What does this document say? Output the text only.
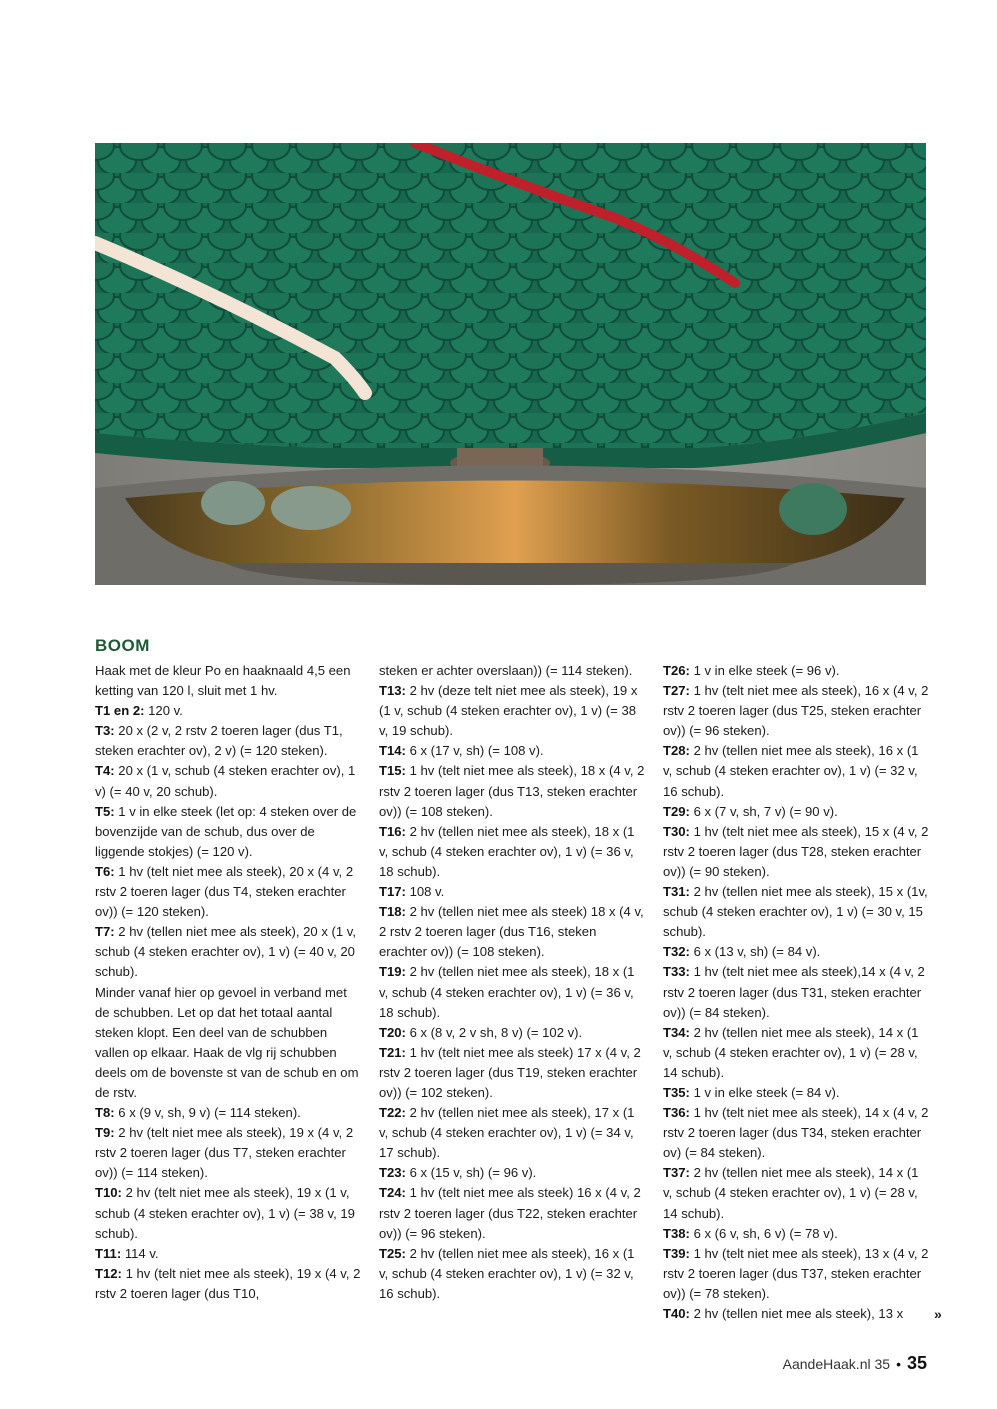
BOOM

Haak met de kleur Po en haaknaald 4,5 een ketting van 120 l, sluit met 1 hv.

T1 en 2: 120 v.

T3: 20 x (2 v, 2 rstv 2 toeren lager (dus T1, steken erachter ov), 2 v) (= 120 steken).

T4: 20 x (1 v, schub (4 steken erachter ov), 1 v) (= 40 v, 20 schub).

T5: 1 v in elke steek (let op: 4 steken over de bovenzijde van de schub, dus over de liggende stokjes) (= 120 v).

T6: 1 hv (telt niet mee als steek), 20 x (4 v, 2 rstv 2 toeren lager (dus T4, steken erachter ov)) (= 120 steken).

T7: 2 hv (tellen niet mee als steek), 20 x (1 v, schub (4 steken erachter ov), 1 v) (= 40 v, 20 schub).

Minder vanaf hier op gevoel in verband met de schubben. Let op dat het totaal aantal steken klopt. Een deel van de schubben vallen op elkaar. Haak de vlg rij schubben deels om de bovenste st van de schub en om de rstv.

T8: 6 x (9 v, sh, 9 v) (= 114 steken).

T9: 2 hv (telt niet mee als steek), 19 x (4 v, 2 rstv 2 toeren lager (dus T7, steken erachter ov)) (= 114 steken).

T10: 2 hv (telt niet mee als steek), 19 x (1 v, schub (4 steken erachter ov), 1 v) (= 38 v, 19 schub).

T11: 114 v.

T12: 1 hv (telt niet mee als steek), 19 x (4 v, 2 rstv 2 toeren lager (dus T10,

steken er achter overslaan)) (= 114 steken).

T13: 2 hv (deze telt niet mee als steek), 19 x (1 v, schub (4 steken erachter ov), 1 v) (= 38 v, 19 schub).

T14: 6 x (17 v, sh) (= 108 v).

T15: 1 hv (telt niet mee als steek), 18 x (4 v, 2 rstv 2 toeren lager (dus T13, steken erachter ov)) (= 108 steken).

T16: 2 hv (tellen niet mee als steek), 18 x (1 v, schub (4 steken erachter ov), 1 v) (= 36 v, 18 schub).

T17: 108 v.

T18: 2 hv (tellen niet mee als steek) 18 x (4 v, 2 rstv 2 toeren lager (dus T16, steken erachter ov)) (= 108 steken).

T19: 2 hv (tellen niet mee als steek), 18 x (1 v, schub (4 steken erachter ov), 1 v) (= 36 v, 18 schub).

T20: 6 x (8 v, 2 v sh, 8 v) (= 102 v).

T21: 1 hv (telt niet mee als steek) 17 x (4 v, 2 rstv 2 toeren lager (dus T19, steken erachter ov)) (= 102 steken).

T22: 2 hv (tellen niet mee als steek), 17 x (1 v, schub (4 steken erachter ov), 1 v) (= 34 v, 17 schub).

T23: 6 x (15 v, sh) (= 96 v).

T24: 1 hv (telt niet mee als steek) 16 x (4 v, 2 rstv 2 toeren lager (dus T22, steken erachter ov)) (= 96 steken).

T25: 2 hv (tellen niet mee als steek), 16 x (1 v, schub (4 steken erachter ov), 1 v) (= 32 v, 16 schub).

T26: 1 v in elke steek (= 96 v).

T27: 1 hv (telt niet mee als steek), 16 x (4 v, 2 rstv 2 toeren lager (dus T25, steken erachter ov)) (= 96 steken).

T28: 2 hv (tellen niet mee als steek), 16 x (1 v, schub (4 steken erachter ov), 1 v) (= 32 v, 16 schub).

T29: 6 x (7 v, sh, 7 v) (= 90 v).

T30: 1 hv (telt niet mee als steek), 15 x (4 v, 2 rstv 2 toeren lager (dus T28, steken erachter ov)) (= 90 steken).

T31: 2 hv (tellen niet mee als steek), 15 x (1v, schub (4 steken erachter ov), 1 v) (= 30 v, 15 schub).

T32: 6 x (13 v, sh) (= 84 v).

T33: 1 hv (telt niet mee als steek),14 x (4 v, 2 rstv 2 toeren lager (dus T31, steken erachter ov)) (= 84 steken).

T34: 2 hv (tellen niet mee als steek), 14 x (1 v, schub (4 steken erachter ov), 1 v) (= 28 v, 14 schub).

T35: 1 v in elke steek (= 84 v).

T36: 1 hv (telt niet mee als steek), 14 x (4 v, 2 rstv 2 toeren lager (dus T34, steken erachter ov) (= 84 steken).

T37: 2 hv (tellen niet mee als steek), 14 x (1 v, schub (4 steken erachter ov), 1 v) (= 28 v, 14 schub).

T38: 6 x (6 v, sh, 6 v) (= 78 v).

T39: 1 hv (telt niet mee als steek), 13 x (4 v, 2 rstv 2 toeren lager (dus T37, steken erachter ov)) (= 78 steken).

T40: 2 hv (tellen niet mee als steek), 13 x	»
AandeHaak.nl 35 • 35
